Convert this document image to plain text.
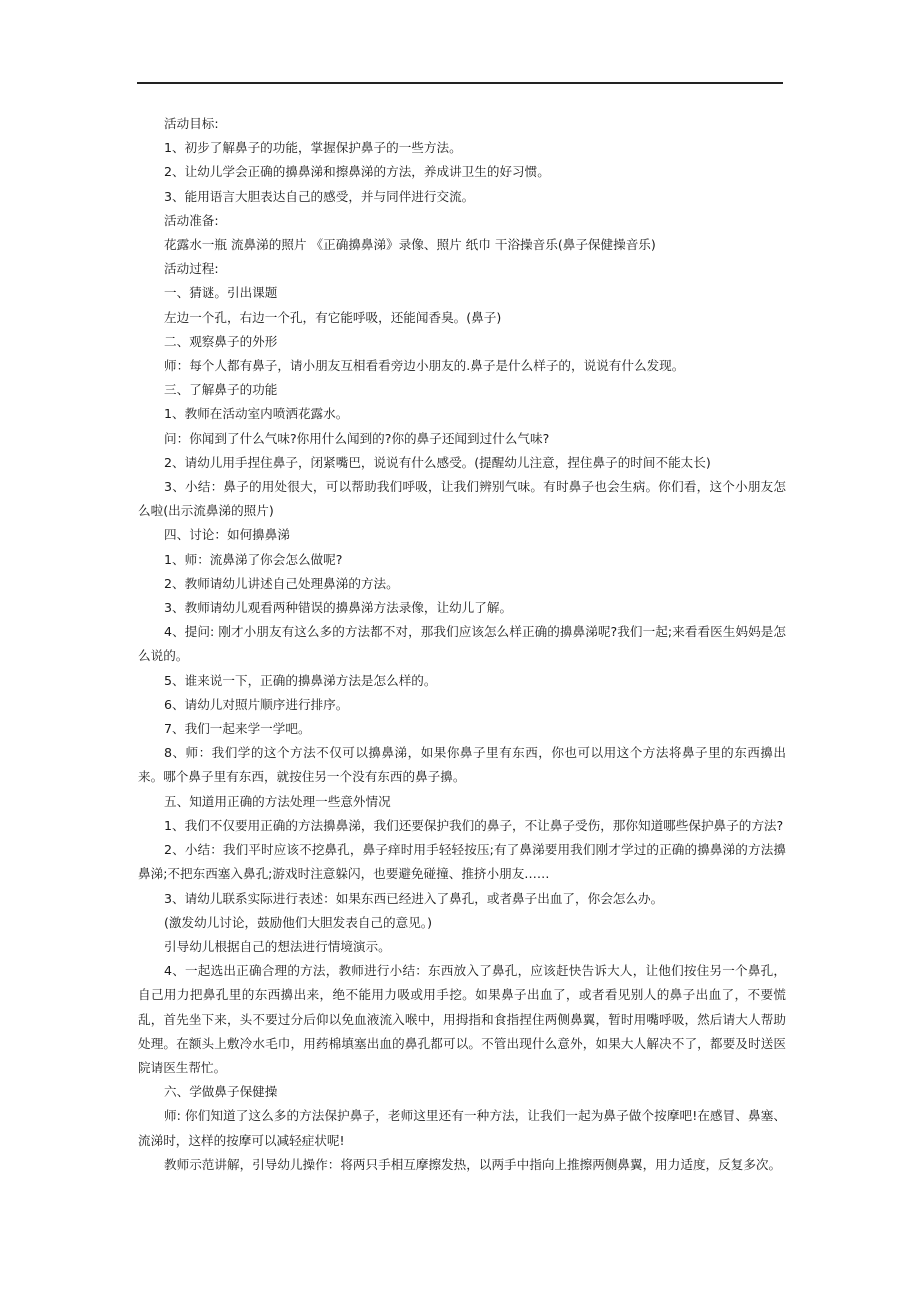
活动目标:

1、初步了解鼻子的功能，掌握保护鼻子的一些方法。

2、让幼儿学会正确的擤鼻涕和擦鼻涕的方法，养成讲卫生的好习惯。

3、能用语言大胆表达自己的感受，并与同伴进行交流。

活动准备:

花露水一瓶 流鼻涕的照片 《正确擤鼻涕》录像、照片 纸巾 干浴操音乐(鼻子保健操音乐)

活动过程:

一、猜谜。引出课题

左边一个孔，右边一个孔，有它能呼吸，还能闻香臭。(鼻子)

二、观察鼻子的外形

师：每个人都有鼻子，请小朋友互相看看旁边小朋友的.鼻子是什么样子的，说说有什么发现。

三、了解鼻子的功能

1、教师在活动室内喷洒花露水。

问：你闻到了什么气味?你用什么闻到的?你的鼻子还闻到过什么气味?

2、请幼儿用手捏住鼻子，闭紧嘴巴，说说有什么感受。(提醒幼儿注意，捏住鼻子的时间不能太长)

3、小结：鼻子的用处很大，可以帮助我们呼吸，让我们辨别气味。有时鼻子也会生病。你们看，这个小朋友怎么啦(出示流鼻涕的照片)

四、讨论：如何擤鼻涕

1、师：流鼻涕了你会怎么做呢?

2、教师请幼儿讲述自己处理鼻涕的方法。

3、教师请幼儿观看两种错误的擤鼻涕方法录像，让幼儿了解。

4、提问: 刚才小朋友有这么多的方法都不对，那我们应该怎么样正确的擤鼻涕呢?我们一起;来看看医生妈妈是怎么说的。

5、谁来说一下，正确的擤鼻涕方法是怎么样的。

6、请幼儿对照片顺序进行排序。

7、我们一起来学一学吧。

8、师：我们学的这个方法不仅可以擤鼻涕，如果你鼻子里有东西，你也可以用这个方法将鼻子里的东西擤出来。哪个鼻子里有东西，就按住另一个没有东西的鼻子擤。

五、知道用正确的方法处理一些意外情况

1、我们不仅要用正确的方法擤鼻涕，我们还要保护我们的鼻子，不让鼻子受伤，那你知道哪些保护鼻子的方法?

2、小结：我们平时应该不挖鼻孔，鼻子痒时用手轻轻按压;有了鼻涕要用我们刚才学过的正确的擤鼻涕的方法擤鼻涕;不把东西塞入鼻孔;游戏时注意躲闪，也要避免碰撞、推挤小朋友……

3、请幼儿联系实际进行表述：如果东西已经进入了鼻孔，或者鼻子出血了，你会怎么办。

(激发幼儿讨论，鼓励他们大胆发表自己的意见。)

引导幼儿根据自己的想法进行情境演示。

4、一起选出正确合理的方法，教师进行小结：东西放入了鼻孔，应该赶快告诉大人，让他们按住另一个鼻孔，自己用力把鼻孔里的东西擤出来，绝不能用力吸或用手挖。如果鼻子出血了，或者看见别人的鼻子出血了，不要慌乱，首先坐下来，头不要过分后仰以免血液流入喉中，用拇指和食指捏住两侧鼻翼，暂时用嘴呼吸，然后请大人帮助处理。在额头上敷冷水毛巾，用药棉填塞出血的鼻孔都可以。不管出现什么意外，如果大人解决不了，都要及时送医院请医生帮忙。

六、学做鼻子保健操

师: 你们知道了这么多的方法保护鼻子，老师这里还有一种方法，让我们一起为鼻子做个按摩吧!在感冒、鼻塞、流涕时，这样的按摩可以减轻症状呢!

教师示范讲解，引导幼儿操作：将两只手相互摩擦发热，以两手中指向上推擦两侧鼻翼，用力适度，反复多次。
